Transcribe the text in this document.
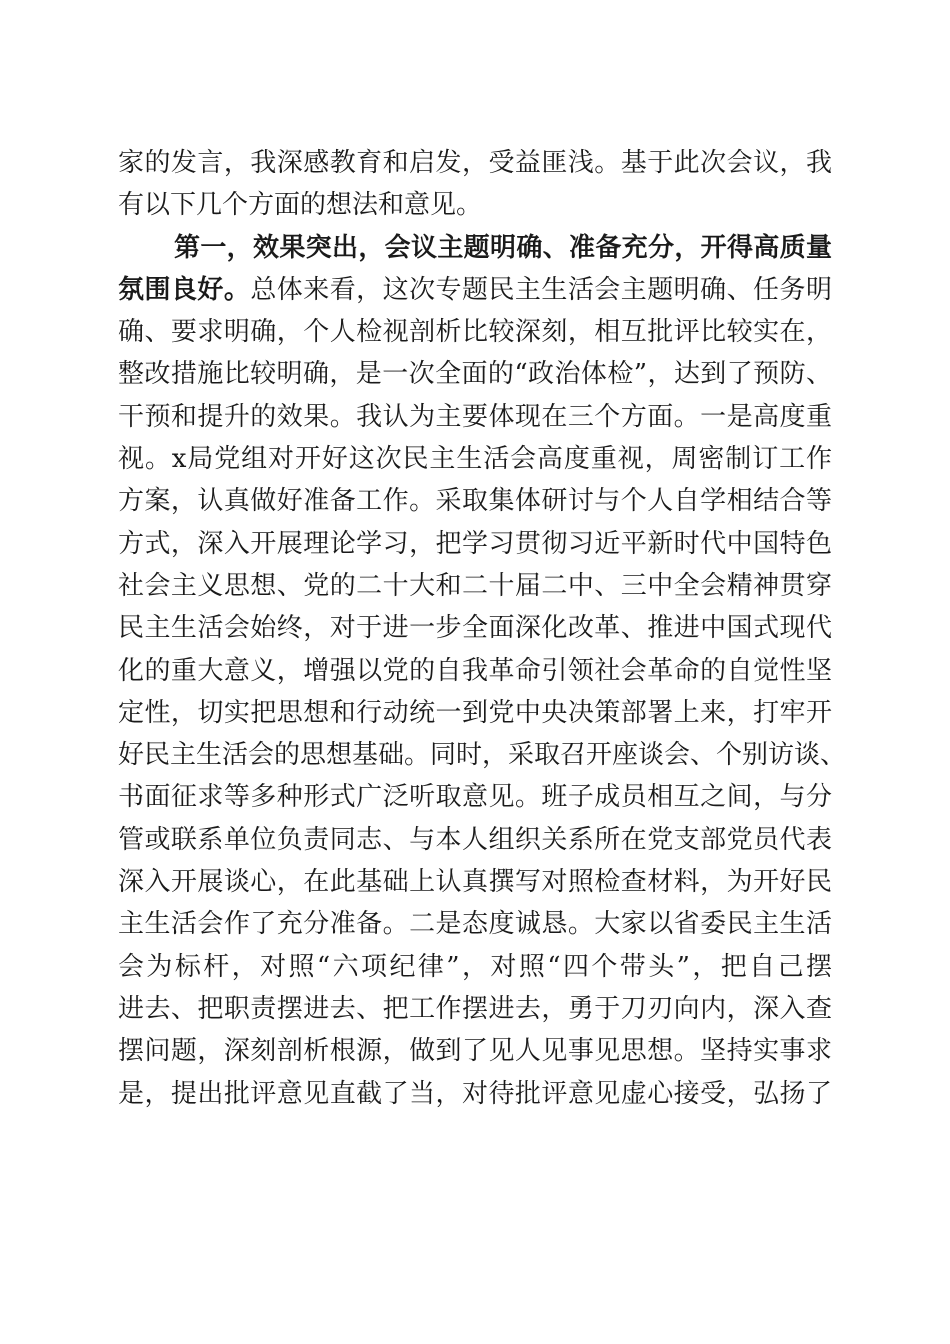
家的发言，我深感教育和启发，受益匪浅。基于此次会议，我
有以下几个方面的想法和意见。
第一，效果突出，会议主题明确、准备充分，开得高质量
氛围良好。总体来看，这次专题民主生活会主题明确、任务明
确、要求明确，个人检视剖析比较深刻，相互批评比较实在，
整改措施比较明确，是一次全面的“政治体检”，达到了预防、
干预和提升的效果。我认为主要体现在三个方面。一是高度重
视。x局党组对开好这次民主生活会高度重视，周密制订工作
方案，认真做好准备工作。采取集体研讨与个人自学相结合等
方式，深入开展理论学习，把学习贯彻习近平新时代中国特色
社会主义思想、党的二十大和二十届二中、三中全会精神贯穿
民主生活会始终，对于进一步全面深化改革、推进中国式现代
化的重大意义，增强以党的自我革命引领社会革命的自觉性坚
定性，切实把思想和行动统一到党中央决策部署上来，打牢开
好民主生活会的思想基础。同时，采取召开座谈会、个别访谈、
书面征求等多种形式广泛听取意见。班子成员相互之间，与分
管或联系单位负责同志、与本人组织关系所在党支部党员代表
深入开展谈心，在此基础上认真撰写对照检查材料，为开好民
主生活会作了充分准备。二是态度诚恳。大家以省委民主生活
会为标杆，对照“六项纪律”，对照“四个带头”，把自己摆
进去、把职责摆进去、把工作摆进去，勇于刀刃向内，深入查
摆问题，深刻剖析根源，做到了见人见事见思想。坚持实事求
是，提出批评意见直截了当，对待批评意见虚心接受，弘扬了
